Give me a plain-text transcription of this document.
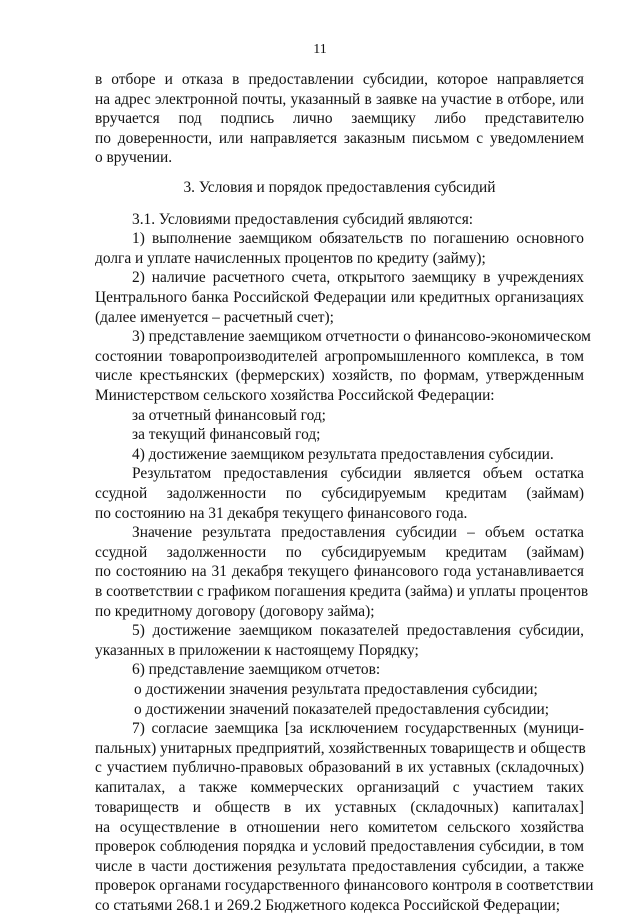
11
в отборе и отказа в предоставлении субсидии, которое направляется
на адрес электронной почты, указанный в заявке на участие в отборе, или
вручается под подпись лично заемщику либо представителю
по доверенности, или направляется заказным письмом с уведомлением
о вручении.
3. Условия и порядок предоставления субсидий
3.1. Условиями предоставления субсидий являются:
1) выполнение заемщиком обязательств по погашению основного
долга и уплате начисленных процентов по кредиту (займу);
2) наличие расчетного счета, открытого заемщику в учреждениях
Центрального банка Российской Федерации или кредитных организациях
(далее именуется – расчетный счет);
3) представление заемщиком отчетности о финансово-экономическом
состоянии товаропроизводителей агропромышленного комплекса, в том
числе крестьянских (фермерских) хозяйств, по формам, утвержденным
Министерством сельского хозяйства Российской Федерации:
за отчетный финансовый год;
за текущий финансовый год;
4) достижение заемщиком результата предоставления субсидии.
Результатом предоставления субсидии является объем остатка
ссудной задолженности по субсидируемым кредитам (займам)
по состоянию на 31 декабря текущего финансового года.
Значение результата предоставления субсидии – объем остатка
ссудной задолженности по субсидируемым кредитам (займам)
по состоянию на 31 декабря текущего финансового года устанавливается
в соответствии с графиком погашения кредита (займа) и уплаты процентов
по кредитному договору (договору займа);
5) достижение заемщиком показателей предоставления субсидии,
указанных в приложении к настоящему Порядку;
6) представление заемщиком отчетов:
о достижении значения результата предоставления субсидии;
о достижении значений показателей предоставления субсидии;
7) согласие заемщика [за исключением государственных (муници-
пальных) унитарных предприятий, хозяйственных товариществ и обществ
с участием публично-правовых образований в их уставных (складочных)
капиталах, а также коммерческих организаций с участием таких
товариществ и обществ в их уставных (складочных) капиталах]
на осуществление в отношении него комитетом сельского хозяйства
проверок соблюдения порядка и условий предоставления субсидии, в том
числе в части достижения результата предоставления субсидии, а также
проверок органами государственного финансового контроля в соответствии
со статьями 268.1 и 269.2 Бюджетного кодекса Российской Федерации;
